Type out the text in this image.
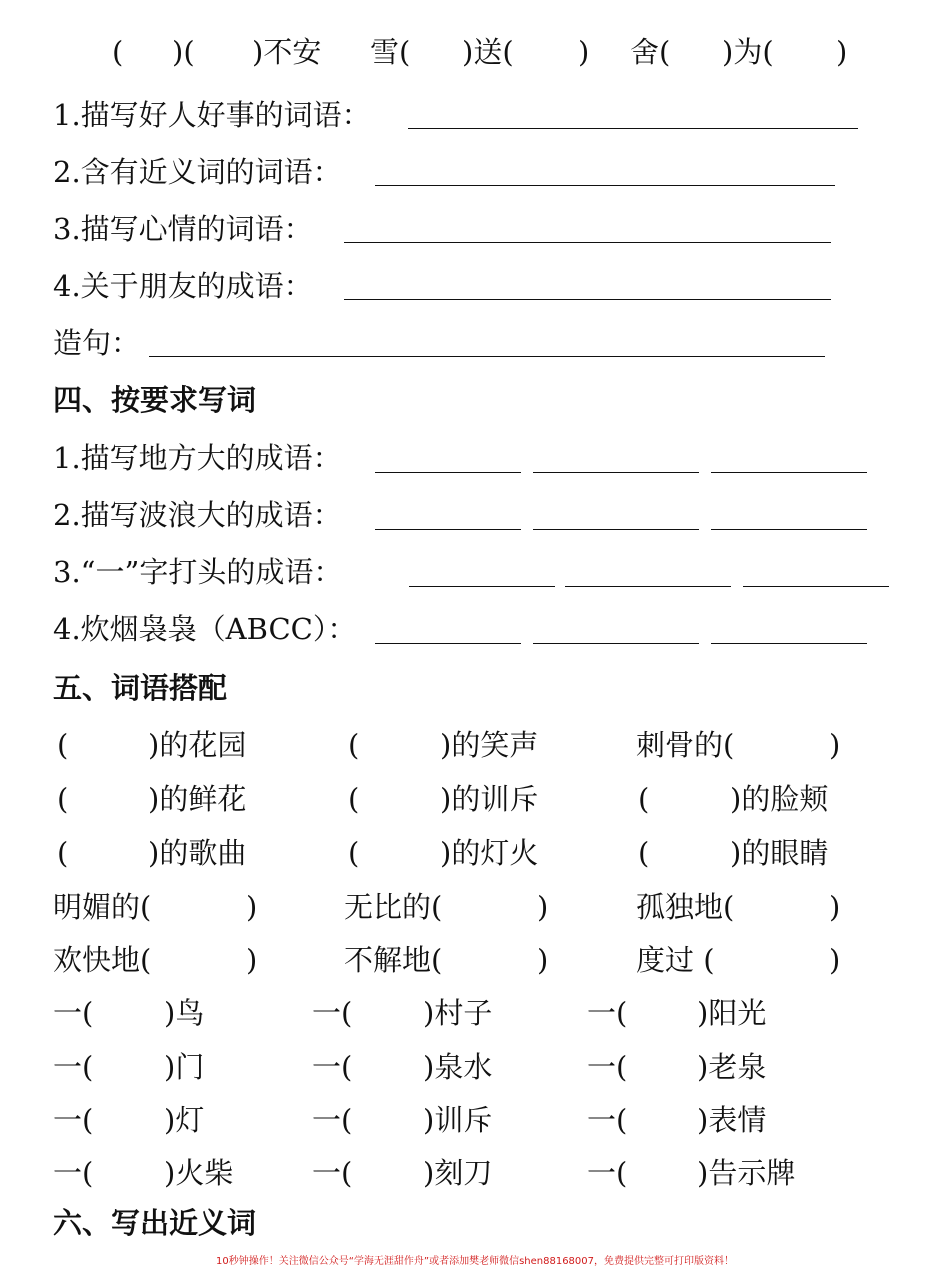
( )( )不安 雪( )送( ) 舍( )为( )
1.描写好人好事的词语：
2.含有近义词的词语：
3.描写心情的词语：
4.关于朋友的成语：
造句：
四、按要求写词
1.描写地方大的成语：
2.描写波浪大的成语：
3.“一”字打头的成语：
4.炊烟袅袅（ABCC）：
五、词语搭配
(	)的花园	(	)的笑声	刺骨的(	)
(	)的鲜花	(	)的训斥	(	)的脸颊
(	)的歌曲	(	)的灯火	(	)的眼睛
明媚的(	)	无比的(	)	孤独地(	)
欢快地(	)	不解地(	)	度过 (	)
一( )鸟	一( )村子	一( )阳光
一( )门	一( )泉水	一( )老泉
一( )灯	一( )训斥	一( )表情
一( )火柴	一( )刻刀	一( )告示牌
六、写出近义词
10秒钟操作！关注微信公众号“学海无涯甜作舟”或者添加樊老师微信shen88168007，免费提供完整可打印版资料！
